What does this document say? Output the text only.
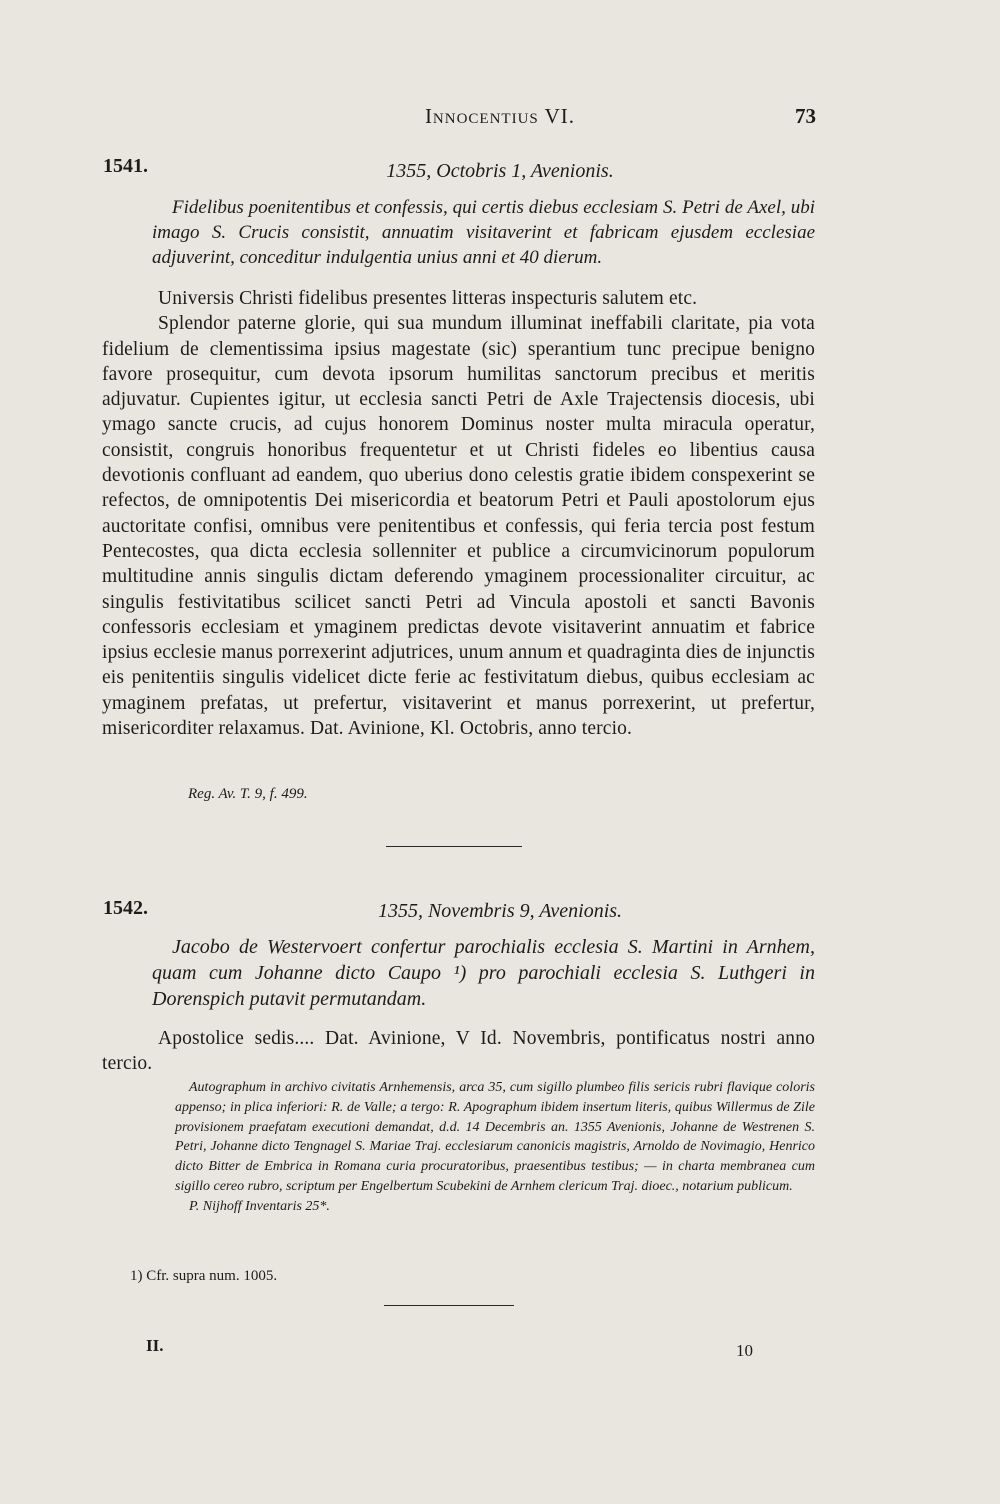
Innocentius VI.	73
1541.	1355, Octobris 1, Avenionis.
Fidelibus poenitentibus et confessis, qui certis diebus ecclesiam S. Petri de Axel, ubi imago S. Crucis consistit, annuatim visitaverint et fabricam ejusdem ecclesiae adjuverint, conceditur indulgentia unius anni et 40 dierum.

Universis Christi fidelibus presentes litteras inspecturis salutem etc.

Splendor paterne glorie, qui sua mundum illuminat ineffabili claritate, pia vota fidelium de clementissima ipsius magestate (sic) sperantium tunc precipue benigno favore prosequitur, cum devota ipsorum humilitas sanctorum precibus et meritis adjuvatur. Cupientes igitur, ut ecclesia sancti Petri de Axle Trajectensis diocesis, ubi ymago sancte crucis, ad cujus honorem Dominus noster multa miracula operatur, consistit, congruis honoribus frequentetur et ut Christi fideles eo libentius causa devotionis confluant ad eandem, quo uberius dono celestis gratie ibidem conspexerint se refectos, de omnipotentis Dei misericordia et beatorum Petri et Pauli apostolorum ejus auctoritate confisi, omnibus vere penitentibus et confessis, qui feria tercia post festum Pentecostes, qua dicta ecclesia sollenniter et publice a circumvicinorum populorum multitudine annis singulis dictam deferendo ymaginem processionaliter circuitur, ac singulis festivitatibus scilicet sancti Petri ad Vincula apostoli et sancti Bavonis confessoris ecclesiam et ymaginem predictas devote visitaverint annuatim et fabrice ipsius ecclesie manus porrexerint adjutrices, unum annum et quadraginta dies de injunctis eis penitentiis singulis videlicet dicte ferie ac festivitatum diebus, quibus ecclesiam ac ymaginem prefatas, ut prefertur, visitaverint et manus porrexerint, ut prefertur, misericorditer relaxamus. Dat. Avinione, Kl. Octobris, anno tercio.

Reg. Av. T. 9, f. 499.
1542.	1355, Novembris 9, Avenionis.
Jacobo de Westervoert confertur parochialis ecclesia S. Martini in Arnhem, quam cum Johanne dicto Caupo ¹) pro parochiali ecclesia S. Luthgeri in Dorenspich putavit permutandam.

Apostolice sedis.... Dat. Avinione, V Id. Novembris, pontificatus nostri anno tercio.

Autographum in archivo civitatis Arnhemensis, arca 35, cum sigillo plumbeo filis sericis rubri flavique coloris appenso; in plica inferiori: R. de Valle; a tergo: R. Apographum ibidem insertum literis, quibus Willermus de Zile provisionem praefatam executioni demandat, d.d. 14 Decembris an. 1355 Avenionis, Johanne de Westrenen S. Petri, Johanne dicto Tengnagel S. Mariae Traj. ecclesiarum canonicis magistris, Arnoldo de Novimagio, Henrico dicto Bitter de Embrica in Romana curia procuratoribus, praesentibus testibus; — in charta membranea cum sigillo cereo rubro, scriptum per Engelbertum Scubekini de Arnhem clericum Traj. dioec., notarium publicum.

P. Nijhoff Inventaris 25*.

1) Cfr. supra num. 1005.
II.	10
